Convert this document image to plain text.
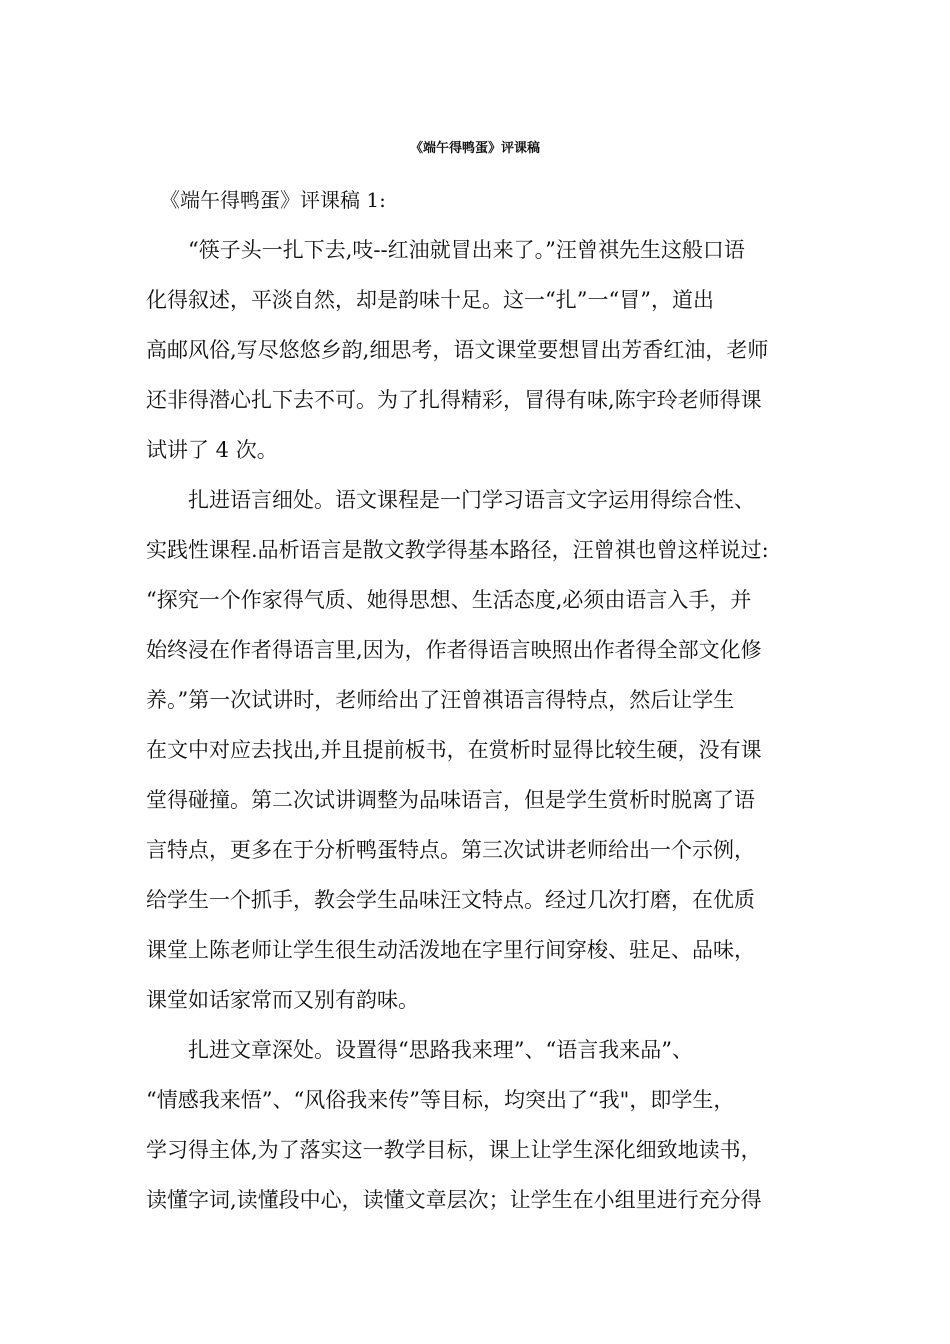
《端午得鸭蛋》评课稿
《端午得鸭蛋》评课稿 1:
“筷子头一扎下去,吱--红油就冒出来了。”汪曾祺先生这般口语
化得叙述，平淡自然，却是韵味十足。这一“扎”一“冒”，道出
高邮风俗,写尽悠悠乡韵,细思考，语文课堂要想冒出芳香红油，老师
还非得潜心扎下去不可。为了扎得精彩，冒得有味,陈宇玲老师得课
试讲了 4 次。
扎进语言细处。语文课程是一门学习语言文字运用得综合性、
实践性课程.品析语言是散文教学得基本路径，汪曾祺也曾这样说过:
“探究一个作家得气质、她得思想、生活态度,必须由语言入手，并
始终浸在作者得语言里,因为，作者得语言映照出作者得全部文化修
养。”第一次试讲时，老师给出了汪曾祺语言得特点，然后让学生
在文中对应去找出,并且提前板书，在赏析时显得比较生硬，没有课
堂得碰撞。第二次试讲调整为品味语言，但是学生赏析时脱离了语
言特点，更多在于分析鸭蛋特点。第三次试讲老师给出一个示例，
给学生一个抓手，教会学生品味汪文特点。经过几次打磨，在优质
课堂上陈老师让学生很生动活泼地在字里行间穿梭、驻足、品味，
课堂如话家常而又别有韵味。
扎进文章深处。设置得“思路我来理”、“语言我来品”、
“情感我来悟”、“风俗我来传”等目标，均突出了“我"，即学生，
学习得主体,为了落实这一教学目标，课上让学生深化细致地读书，
读懂字词,读懂段中心，读懂文章层次；让学生在小组里进行充分得
